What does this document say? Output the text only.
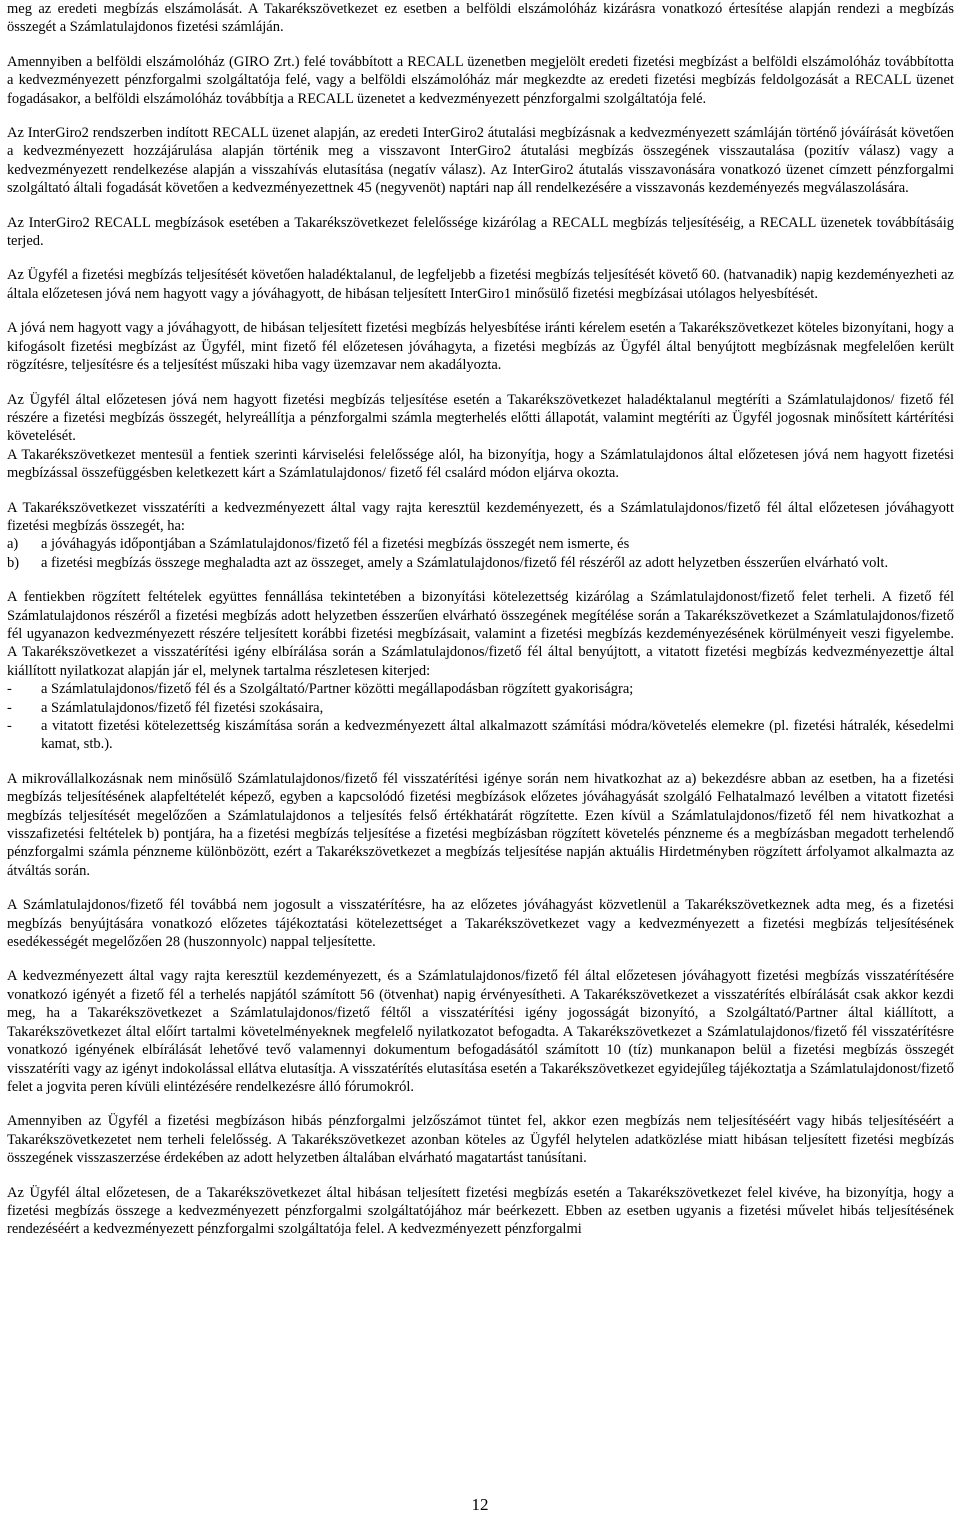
meg az eredeti megbízás elszámolását. A Takarékszövetkezet ez esetben a belföldi elszámolóház kizárásra vonatkozó értesítése alapján rendezi a megbízás összegét a Számlatulajdonos fizetési számláján.

Amennyiben a belföldi elszámolóház (GIRO Zrt.) felé továbbított a RECALL üzenetben megjelölt eredeti fizetési megbízást a belföldi elszámolóház továbbította a kedvezményezett pénzforgalmi szolgáltatója felé, vagy a belföldi elszámolóház már megkezdte az eredeti fizetési megbízás feldolgozását a RECALL üzenet fogadásakor, a belföldi elszámolóház továbbítja a RECALL üzenetet a kedvezményezett pénzforgalmi szolgáltatója felé.

Az InterGiro2 rendszerben indított RECALL üzenet alapján, az eredeti InterGiro2 átutalási megbízásnak a kedvezményezett számláján történő jóváírását követően a kedvezményezett hozzájárulása alapján történik meg a visszavont InterGiro2 átutalási megbízás összegének visszautalása (pozitív válasz) vagy a kedvezményezett rendelkezése alapján a visszahívás elutasítása (negatív válasz). Az InterGiro2 átutalás visszavonására vonatkozó üzenet címzett pénzforgalmi szolgáltató általi fogadását követően a kedvezményezettnek 45 (negyvenöt) naptári nap áll rendelkezésére a visszavonás kezdeményezés megválaszolására.

Az InterGiro2 RECALL megbízások esetében a Takarékszövetkezet felelőssége kizárólag a RECALL megbízás teljesítéséig, a RECALL üzenetek továbbításáig terjed.

Az Ügyfél a fizetési megbízás teljesítését követően haladéktalanul, de legfeljebb a fizetési megbízás teljesítését követő 60. (hatvanadik) napig kezdeményezheti az általa előzetesen jóvá nem hagyott vagy a jóváhagyott, de hibásan teljesített InterGiro1 minősülő fizetési megbízásai utólagos helyesbítését.

A jóvá nem hagyott vagy a jóváhagyott, de hibásan teljesített fizetési megbízás helyesbítése iránti kérelem esetén a Takarékszövetkezet köteles bizonyítani, hogy a kifogásolt fizetési megbízást az Ügyfél, mint fizető fél előzetesen jóváhagyta, a fizetési megbízás az Ügyfél által benyújtott megbízásnak megfelelően került rögzítésre, teljesítésre és a teljesítést műszaki hiba vagy üzemzavar nem akadályozta.

Az Ügyfél által előzetesen jóvá nem hagyott fizetési megbízás teljesítése esetén a Takarékszövetkezet haladéktalanul megtéríti a Számlatulajdonos/ fizető fél részére a fizetési megbízás összegét, helyreállítja a pénzforgalmi számla megterhelés előtti állapotát, valamint megtéríti az Ügyfél jogosnak minősített kártérítési követelését.

A Takarékszövetkezet mentesül a fentiek szerinti kárviselési felelőssége alól, ha bizonyítja, hogy a Számlatulajdonos által előzetesen jóvá nem hagyott fizetési megbízással összefüggésben keletkezett kárt a Számlatulajdonos/ fizető fél csalárd módon eljárva okozta.

A Takarékszövetkezet visszatéríti a kedvezményezett által vagy rajta keresztül kezdeményezett, és a Számlatulajdonos/fizető fél által előzetesen jóváhagyott fizetési megbízás összegét, ha:

a)	a jóváhagyás időpontjában a Számlatulajdonos/fizető fél a fizetési megbízás összegét nem ismerte, és
b)	a fizetési megbízás összege meghaladta azt az összeget, amely a Számlatulajdonos/fizető fél részéről az adott helyzetben ésszerűen elvárható volt.

A fentiekben rögzített feltételek együttes fennállása tekintetében a bizonyítási kötelezettség kizárólag a Számlatulajdonost/fizető felet terheli. A fizető fél Számlatulajdonos részéről a fizetési megbízás adott helyzetben ésszerűen elvárható összegének megítélése során a Takarékszövetkezet a Számlatulajdonos/fizető fél ugyanazon kedvezményezett részére teljesített korábbi fizetési megbízásait, valamint a fizetési megbízás kezdeményezésének körülményeit veszi figyelembe. A Takarékszövetkezet a visszatérítési igény elbírálása során a Számlatulajdonos/fizető fél által benyújtott, a vitatott fizetési megbízás kedvezményezettje által kiállított nyilatkozat alapján jár el, melynek tartalma részletesen kiterjed:

-	a Számlatulajdonos/fizető fél és a Szolgáltató/Partner közötti megállapodásban rögzített gyakoriságra;
-	a Számlatulajdonos/fizető fél fizetési szokásaira,
-	a vitatott fizetési kötelezettség kiszámítása során a kedvezményezett által alkalmazott számítási módra/követelés elemekre (pl. fizetési hátralék, késedelmi kamat, stb.).

A mikrovállalkozásnak nem minősülő Számlatulajdonos/fizető fél visszatérítési igénye során nem hivatkozhat az a) bekezdésre abban az esetben, ha a fizetési megbízás teljesítésének alapfeltételét képező, egyben a kapcsolódó fizetési megbízások előzetes jóváhagyását szolgáló Felhatalmazó levélben a vitatott fizetési megbízás teljesítését megelőzően a Számlatulajdonos a teljesítés felső értékhatárát rögzítette. Ezen kívül a Számlatulajdonos/fizető fél nem hivatkozhat a visszafizetési feltételek b) pontjára, ha a fizetési megbízás teljesítése a fizetési megbízásban rögzített követelés pénzneme és a megbízásban megadott terhelendő pénzforgalmi számla pénzneme különbözött, ezért a Takarékszövetkezet a megbízás teljesítése napján aktuális Hirdetményben rögzített árfolyamot alkalmazta az átváltás során.

A Számlatulajdonos/fizető fél továbbá nem jogosult a visszatérítésre, ha az előzetes jóváhagyást közvetlenül a Takarékszövetkeznek adta meg, és a fizetési megbízás benyújtására vonatkozó előzetes tájékoztatási kötelezettséget a Takarékszövetkezet vagy a kedvezményezett a fizetési megbízás teljesítésének esedékességét megelőzően 28 (huszonnyolc) nappal teljesítette.

A kedvezményezett által vagy rajta keresztül kezdeményezett, és a Számlatulajdonos/fizető fél által előzetesen jóváhagyott fizetési megbízás visszatérítésére vonatkozó igényét a fizető fél a terhelés napjától számított 56 (ötvenhat) napig érvényesítheti. A Takarékszövetkezet a visszatérítés elbírálását csak akkor kezdi meg, ha a Takarékszövetkezet a Számlatulajdonos/fizető féltől a visszatérítési igény jogosságát bizonyító, a Szolgáltató/Partner által kiállított, a Takarékszövetkezet által előírt tartalmi követelményeknek megfelelő nyilatkozatot befogadta. A Takarékszövetkezet a Számlatulajdonos/fizető fél visszatérítésre vonatkozó igényének elbírálását lehetővé tevő valamennyi dokumentum befogadásától számított 10 (tíz) munkanapon belül a fizetési megbízás összegét visszatéríti vagy az igényt indokolással ellátva elutasítja. A visszatérítés elutasítása esetén a Takarékszövetkezet egyidejűleg tájékoztatja a Számlatulajdonost/fizető felet a jogvita peren kívüli elintézésére rendelkezésre álló fórumokról.

Amennyiben az Ügyfél a fizetési megbízáson hibás pénzforgalmi jelzőszámot tüntet fel, akkor ezen megbízás nem teljesítéséért vagy hibás teljesítéséért a Takarékszövetkezetet nem terheli felelősség. A Takarékszövetkezet azonban köteles az Ügyfél helytelen adatközlése miatt hibásan teljesített fizetési megbízás összegének visszaszerzése érdekében az adott helyzetben általában elvárható magatartást tanúsítani.

Az Ügyfél által előzetesen, de a Takarékszövetkezet által hibásan teljesített fizetési megbízás esetén a Takarékszövetkezet felel kivéve, ha bizonyítja, hogy a fizetési megbízás összege a kedvezményezett pénzforgalmi szolgáltatójához már beérkezett. Ebben az esetben ugyanis a fizetési művelet hibás teljesítésének rendezéséért a kedvezményezett pénzforgalmi szolgáltatója felel. A kedvezményezett pénzforgalmi

12
